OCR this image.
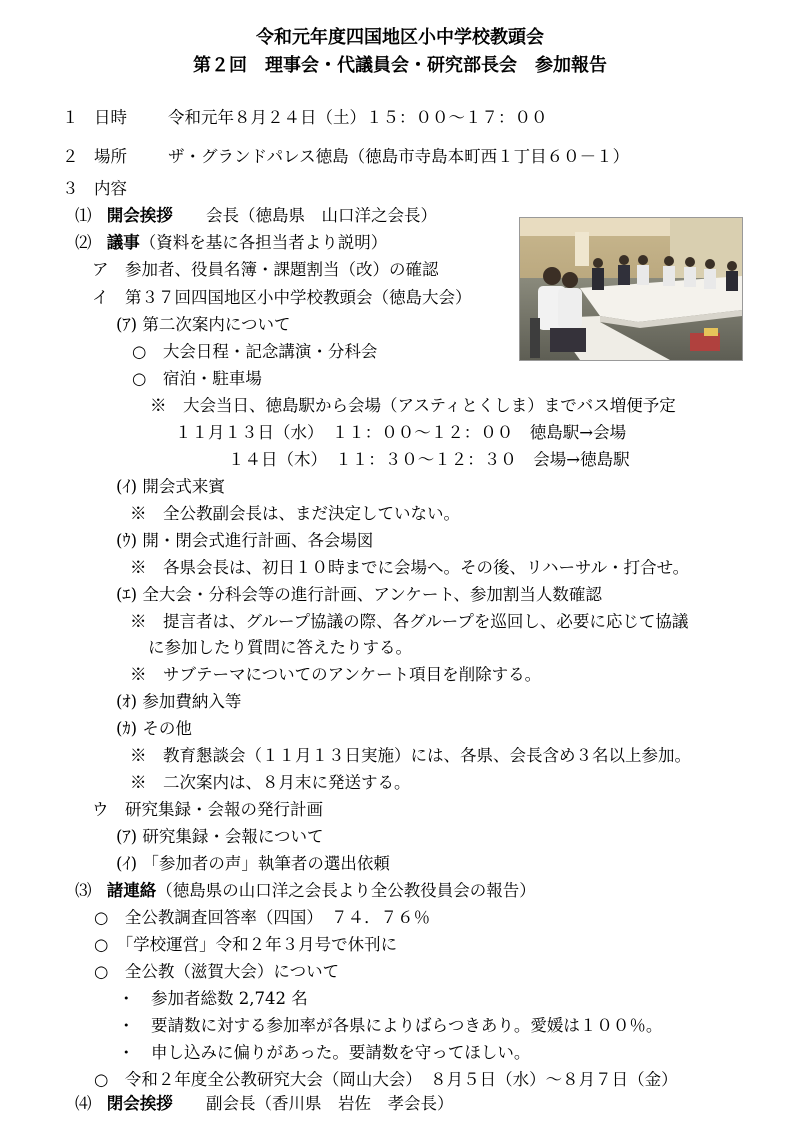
令和元年度四国地区小中学校教頭会
第２回　理事会・代議員会・研究部長会　参加報告
１ 日時 令和元年８月２４日（土）１５：００～１７：００
２ 場所 ザ・グランドパレス徳島（徳島市寺島本町西１丁目６０－１）
３ 内容
⑴ 開会挨拶 会長（徳島県　山口洋之会長）
⑵ 議事（資料を基に各担当者より説明）
ア　参加者、役員名簿・課題割当（改）の確認
イ　第３７回四国地区小中学校教頭会（徳島大会）
(ｱ) 第二次案内について
○　大会日程・記念講演・分科会
○　宿泊・駐車場
※　大会当日、徳島駅から会場（アスティとくしま）までバス増便予定
１１月１３日（水）　１１：００～１２：００　徳島駅→会場
１４日（木）　１１：３０～１２：３０　会場→徳島駅
(ｲ) 開会式来賓
※　全公教副会長は、まだ決定していない。
(ｳ) 開・閉会式進行計画、各会場図
※　各県会長は、初日１０時までに会場へ。その後、リハーサル・打合せ。
(ｴ) 全大会・分科会等の進行計画、アンケート、参加割当人数確認
※　提言者は、グループ協議の際、各グループを巡回し、必要に応じて協議
に参加したり質問に答えたりする。
※　サブテーマについてのアンケート項目を削除する。
(ｵ) 参加費納入等
(ｶ) その他
※　教育懇談会（１１月１３日実施）には、各県、会長含め３名以上参加。
※　二次案内は、８月末に発送する。
ウ　研究集録・会報の発行計画
(ｱ) 研究集録・会報について
(ｲ) 「参加者の声」執筆者の選出依頼
⑶ 諸連絡（徳島県の山口洋之会長より全公教役員会の報告）
○　全公教調査回答率（四国）　７４．７６％
○　「学校運営」令和２年３月号で休刊に
○　全公教（滋賀大会）について
・　参加者総数 2,742 名
・　要請数に対する参加率が各県によりばらつきあり。愛媛は１００％。
・　申し込みに偏りがあった。要請数を守ってほしい。
○　令和２年度全公教研究大会（岡山大会）　８月５日（水）～８月７日（金）
⑷ 閉会挨拶 副会長（香川県　岩佐　孝会長）
